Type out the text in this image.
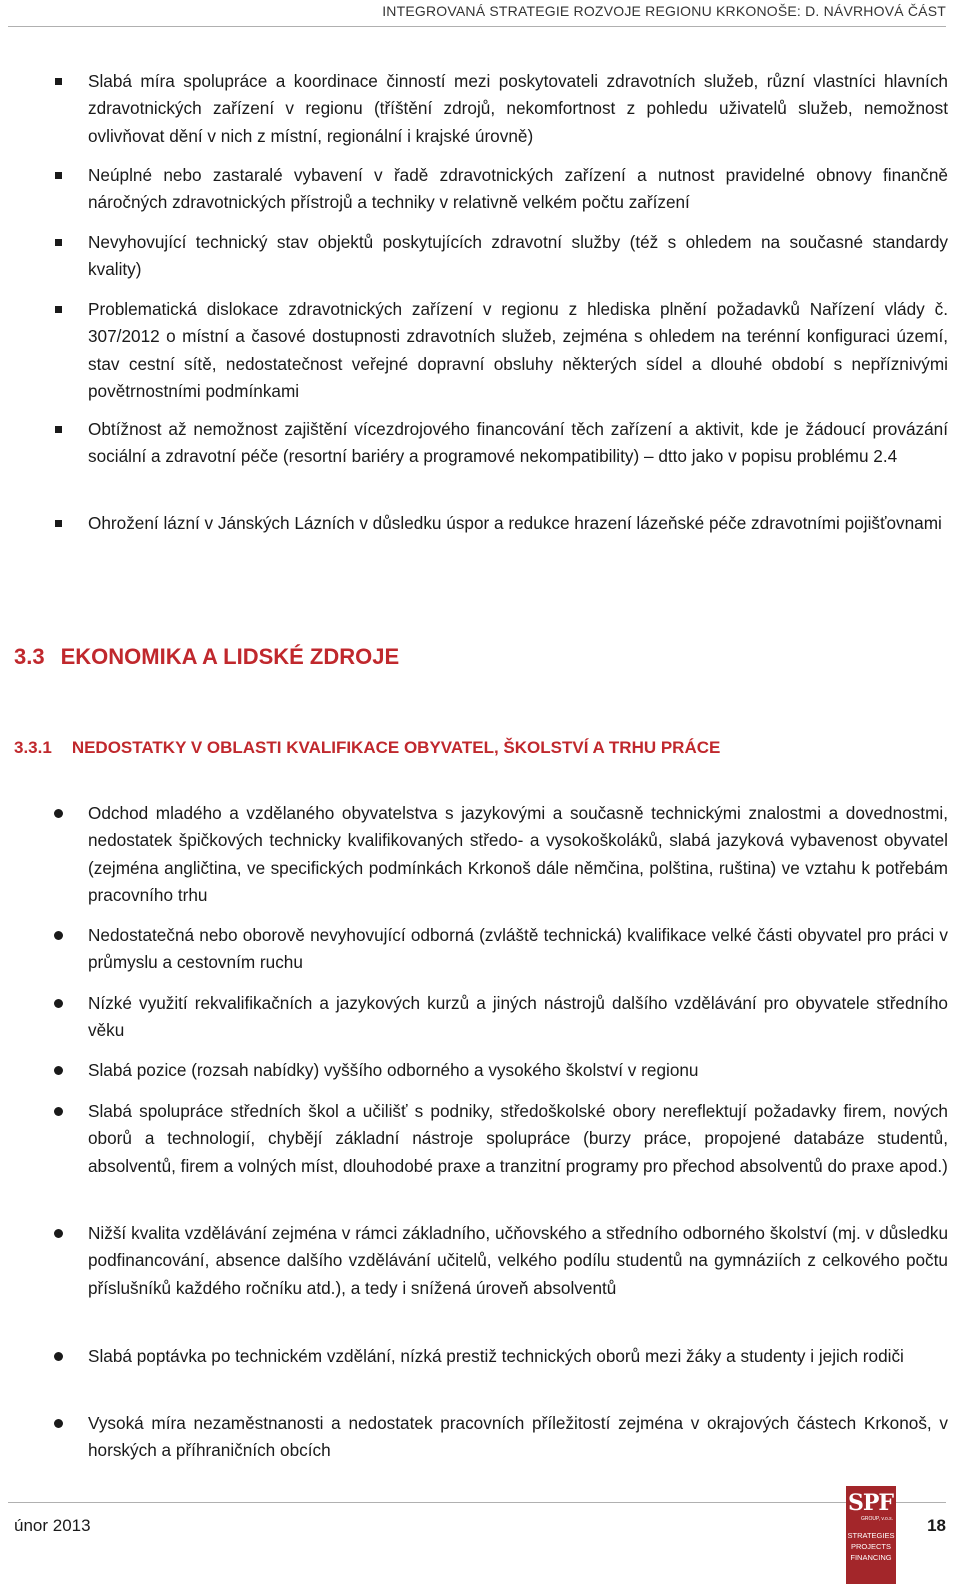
INTEGROVANÁ STRATEGIE ROZVOJE REGIONU KRKONOŠE: D. NÁVRHOVÁ ČÁST
Slabá míra spolupráce a koordinace činností mezi poskytovateli zdravotních služeb, různí vlastníci hlavních zdravotnických zařízení v regionu (tříštění zdrojů, nekomfortnost z pohledu uživatelů služeb, nemožnost ovlivňovat dění v nich z místní, regionální i krajské úrovně)
Neúplné nebo zastaralé vybavení v řadě zdravotnických zařízení a nutnost pravidelné obnovy finančně náročných zdravotnických přístrojů a techniky v relativně velkém počtu zařízení
Nevyhovující technický stav objektů poskytujících zdravotní služby (též s ohledem na současné standardy kvality)
Problematická dislokace zdravotnických zařízení v regionu z hlediska plnění požadavků Nařízení vlády č. 307/2012 o místní a časové dostupnosti zdravotních služeb, zejména s ohledem na terénní konfiguraci území, stav cestní sítě, nedostatečnost veřejné dopravní obsluhy některých sídel a dlouhé období s nepříznivými povětrnostními podmínkami
Obtížnost až nemožnost zajištění vícezdrojového financování těch zařízení a aktivit, kde je žádoucí provázání sociální a zdravotní péče (resortní bariéry a programové nekompatibility) – dtto jako v popisu problému 2.4
Ohrožení lázní v Jánských Lázních v důsledku úspor a redukce hrazení lázeňské péče zdravotními pojišťovnami
3.3 EKONOMIKA A LIDSKÉ ZDROJE
3.3.1 NEDOSTATKY V OBLASTI KVALIFIKACE OBYVATEL, ŠKOLSTVÍ A TRHU PRÁCE
Odchod mladého a vzdělaného obyvatelstva s jazykovými a současně technickými znalostmi a dovednostmi, nedostatek špičkových technicky kvalifikovaných středo- a vysokoškoláků, slabá jazyková vybavenost obyvatel (zejména angličtina, ve specifických podmínkách Krkonoš dále němčina, polština, ruština) ve vztahu k potřebám pracovního trhu
Nedostatečná nebo oborově nevyhovující odborná (zvláště technická) kvalifikace velké části obyvatel pro práci v průmyslu a cestovním ruchu
Nízké využití rekvalifikačních a jazykových kurzů a jiných nástrojů dalšího vzdělávání pro obyvatele středního věku
Slabá pozice (rozsah nabídky) vyššího odborného a vysokého školství v regionu
Slabá spolupráce středních škol a učilišť s podniky, středoškolské obory nereflektují požadavky firem, nových oborů a technologií, chybějí základní nástroje spolupráce (burzy práce, propojené databáze studentů, absolventů, firem a volných míst, dlouhodobé praxe a tranzitní programy pro přechod absolventů do praxe apod.)
Nižší kvalita vzdělávání zejména v rámci základního, učňovského a středního odborného školství (mj. v důsledku podfinancování, absence dalšího vzdělávání učitelů, velkého podílu studentů na gymnáziích z celkového počtu příslušníků každého ročníku atd.), a tedy i snížená úroveň absolventů
Slabá poptávka po technickém vzdělání, nízká prestiž technických oborů mezi žáky a studenty i jejich rodiči
Vysoká míra nezaměstnanosti a nedostatek pracovních příležitostí zejména v okrajových částech Krkonoš, v horských a příhraničních obcích
únor 2013
SPF
GROUP, v.o.s.
STRATEGIES
PROJECTS
FINANCING
18
